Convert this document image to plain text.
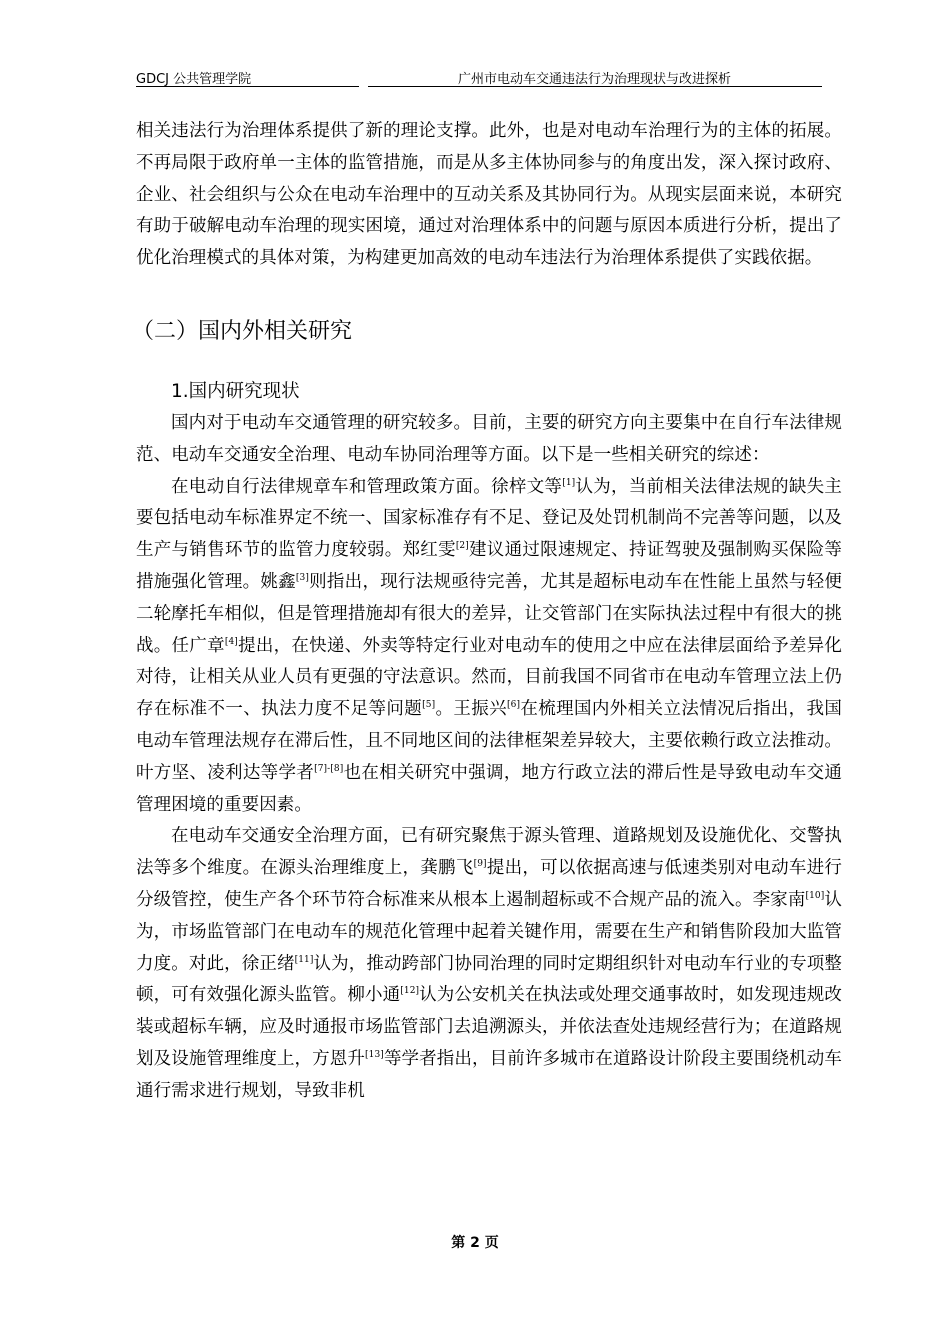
GDCJ 公共管理学院	广州市电动车交通违法行为治理现状与改进探析

相关违法行为治理体系提供了新的理论支撑。此外，也是对电动车治理行为的主体的拓展。不再局限于政府单一主体的监管措施，而是从多主体协同参与的角度出发，深入探讨政府、企业、社会组织与公众在电动车治理中的互动关系及其协同行为。从现实层面来说，本研究有助于破解电动车治理的现实困境，通过对治理体系中的问题与原因本质进行分析，提出了优化治理模式的具体对策，为构建更加高效的电动车违法行为治理体系提供了实践依据。

（二）国内外相关研究
1.国内研究现状

国内对于电动车交通管理的研究较多。目前，主要的研究方向主要集中在自行车法律规范、电动车交通安全治理、电动车协同治理等方面。以下是一些相关研究的综述：

在电动自行法律规章车和管理政策方面。徐梓文等[1]认为，当前相关法律法规的缺失主要包括电动车标准界定不统一、国家标准存有不足、登记及处罚机制尚不完善等问题，以及生产与销售环节的监管力度较弱。郑红雯[2]建议通过限速规定、持证驾驶及强制购买保险等措施强化管理。姚鑫[3]则指出，现行法规亟待完善，尤其是超标电动车在性能上虽然与轻便二轮摩托车相似，但是管理措施却有很大的差异，让交管部门在实际执法过程中有很大的挑战。任广章[4]提出，在快递、外卖等特定行业对电动车的使用之中应在法律层面给予差异化对待，让相关从业人员有更强的守法意识。然而，目前我国不同省市在电动车管理立法上仍存在标准不一、执法力度不足等问题[5]。王振兴[6]在梳理国内外相关立法情况后指出，我国电动车管理法规存在滞后性，且不同地区间的法律框架差异较大，主要依赖行政立法推动。叶方坚、凌利达等学者[7]-[8]也在相关研究中强调，地方行政立法的滞后性是导致电动车交通管理困境的重要因素。

在电动车交通安全治理方面，已有研究聚焦于源头管理、道路规划及设施优化、交警执法等多个维度。在源头治理维度上，龚鹏飞[9]提出，可以依据高速与低速类别对电动车进行分级管控，使生产各个环节符合标准来从根本上遏制超标或不合规产品的流入。李家南[10]认为，市场监管部门在电动车的规范化管理中起着关键作用，需要在生产和销售阶段加大监管力度。对此，徐正绪[11]认为，推动跨部门协同治理的同时定期组织针对电动车行业的专项整顿，可有效强化源头监管。柳小通[12]认为公安机关在执法或处理交通事故时，如发现违规改装或超标车辆，应及时通报市场监管部门去追溯源头，并依法查处违规经营行为；在道路规划及设施管理维度上，方恩升[13]等学者指出，目前许多城市在道路设计阶段主要围绕机动车通行需求进行规划，导致非机

第 2 页
